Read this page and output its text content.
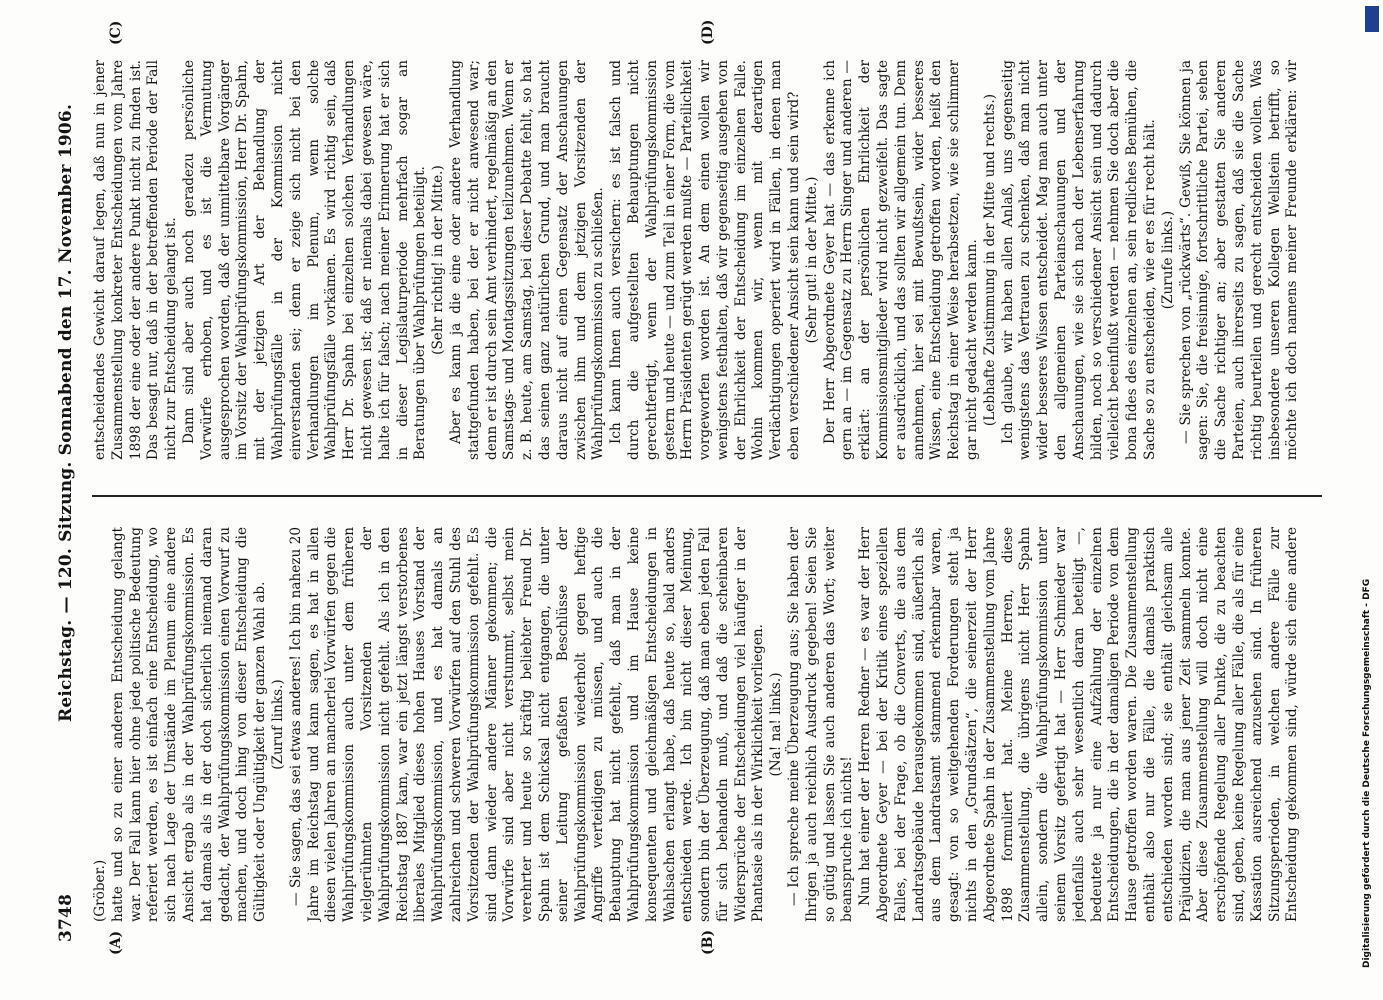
3748
Reichstag. — 120. Sitzung. Sonnabend den 17. November 1906.
(A)	(B)
(C)	(D)

(Gröber.) hatte und so zu einer anderen Entscheidung gelangt war. Der Fall kann hier ohne jede politische Bedeutung referiert werden, es ist einfach eine Entscheidung, wo sich nach Lage der Umstände im Plenum eine andere Ansicht ergab als in der Wahlprüfungskommission. Es hat damals als in der doch sicherlich niemand daran gedacht, der Wahlprüfungskommission einen Vorwurf zu machen, und doch hing von dieser Entscheidung die Gültigkeit oder Ungültigkeit der ganzen Wahl ab. (Zuruf links.) — Sie sagen, das sei etwas anderes! Ich bin nahezu 20 Jahre im Reichstag und kann sagen, es hat in allen diesen vielen Jahren an mancherlei Vorwürfen gegen die Wahlprüfungskommission auch unter dem früheren vielgerühmten Vorsitzenden der Wahlprüfungskommission nicht gefehlt. Als ich in den Reichstag 1887 kam, war ein jetzt längst verstorbenes liberales Mitglied dieses hohen Hauses Vorstand der Wahlprüfungskommission, und es hat damals an zahlreichen und schweren Vorwürfen auf den Stuhl des Vorsitzenden der Wahlprüfungskommission gefehlt. Es sind dann wieder andere Männer gekommen; die Vorwürfe sind aber nicht verstummt, selbst mein verehrter und heute so kräftig beliebter Freund Dr. Spahn ist dem Schicksal nicht entgangen, die unter seiner Leitung gefaßten Beschlüsse der Wahlprüfungskommission wiederholt gegen heftige Angriffe verteidigen zu müssen, und auch die Behauptung hat nicht gefehlt, daß man in der Wahlprüfungskommission und im Hause keine konsequenten und gleichmäßigen Entscheidungen in Wahlsachen erlangt habe, daß heute so, bald anders entschieden werde. Ich bin nicht dieser Meinung, sondern bin der Überzeugung, daß man eben jeden Fall für sich behandeln muß, und daß die scheinbaren Widersprüche der Entscheidungen viel häufiger in der Phantasie als in der Wirklichkeit vorliegen. (Na! na! links.) — Ich spreche meine Überzeugung aus; Sie haben der Ihrigen ja auch reichlich Ausdruck gegeben! Seien Sie so gütig und lassen Sie auch anderen das Wort; weiter beanspruche ich nichts! Nun hat einer der Herren Redner — es war der Herr Abgeordnete Geyer — bei der Kritik eines speziellen Falles, bei der Frage, ob die Converts, die aus dem Landratsgebäude herausgekommen sind, äußerlich als aus dem Landratsamt stammend erkennbar waren, gesagt: von so weitgehenden Forderungen steht ja nichts in den „Grundsätzen“, die seinerzeit der Herr Abgeordnete Spahn in der Zusammenstellung vom Jahre 1898 formuliert hat. Meine Herren, diese Zusammenstellung, die übrigens nicht Herr Spahn allein, sondern die Wahlprüfungskommission unter seinem Vorsitz gefertigt hat — Herr Schmieder war jedenfalls auch sehr wesentlich daran beteiligt —, bedeutete ja nur eine Aufzählung der einzelnen Entscheidungen, die in der damaligen Periode von dem Hause getroffen worden waren. Die Zusammenstellung enthält also nur die Fälle, die damals praktisch entschieden worden sind; sie enthält gleichsam alle Präjudizien, die man aus jener Zeit sammeln konnte. Aber diese Zusammenstellung will doch nicht eine erschöpfende Regelung aller Punkte, die zu beachten sind, geben, keine Regelung aller Fälle, die als für eine Kassation ausreichend anzusehen sind. In früheren Sitzungsperioden, in welchen andere Fälle zur Entscheidung gekommen sind, würde sich eine andere

entscheidendes Gewicht darauf legen, daß nun in jener Zusammenstellung konkreter Entscheidungen vom Jahre 1898 der eine oder der andere Punkt nicht zu finden ist. Das besagt nur, daß in der betreffenden Periode der Fall nicht zur Entscheidung gelangt ist. Dann sind aber auch noch geradezu persönliche Vorwürfe erhoben, und es ist die Vermutung ausgesprochen worden, daß der unmittelbare Vorgänger im Vorsitz der Wahlprüfungskommission, Herr Dr. Spahn, mit der jetzigen Art der Behandlung der Wahlprüfungsfälle in der Kommission nicht einverstanden sei; denn er zeige sich nicht bei den Verhandlungen im Plenum, wenn solche Wahlprüfungsfälle vorkämen. Es wird richtig sein, daß Herr Dr. Spahn bei einzelnen solchen Verhandlungen nicht gewesen ist; daß er niemals dabei gewesen wäre, halte ich für falsch; nach meiner Erinnerung hat er sich in dieser Legislaturperiode mehrfach sogar an Beratungen über Wahlprüfungen beteiligt. (Sehr richtig! in der Mitte.) Aber es kann ja die eine oder andere Verhandlung stattgefunden haben, bei der er nicht anwesend war; denn er ist durch sein Amt verhindert, regelmäßig an den Samstags- und Montagssitzungen teilzunehmen. Wenn er z. B. heute, am Samstag, bei dieser Debatte fehlt, so hat das seinen ganz natürlichen Grund, und man braucht daraus nicht auf einen Gegensatz der Anschauungen zwischen ihm und dem jetzigen Vorsitzenden der Wahlprüfungskommission zu schließen. Ich kann Ihnen auch versichern: es ist falsch und durch die aufgestellten Behauptungen nicht gerechtfertigt, wenn der Wahlprüfungskommission gestern und heute — und zum Teil in einer Form, die vom Herrn Präsidenten gerügt werden mußte — Parteilichkeit vorgeworfen worden ist. An dem einen wollen wir wenigstens festhalten, daß wir gegenseitig ausgehen von der Ehrlichkeit der Entscheidung im einzelnen Falle. Wohin kommen wir, wenn mit derartigen Verdächtigungen operiert wird in Fällen, in denen man eben verschiedener Ansicht sein kann und sein wird? (Sehr gut! in der Mitte.) Der Herr Abgeordnete Geyer hat — das erkenne ich gern an — im Gegensatz zu Herrn Singer und anderen — erklärt: an der persönlichen Ehrlichkeit der Kommissionsmitglieder wird nicht gezweifelt. Das sagte er ausdrücklich, und das sollten wir allgemein tun. Denn annehmen, hier sei mit Bewußtsein, wider besseres Wissen, eine Entscheidung getroffen worden, heißt den Reichstag in einer Weise herabsetzen, wie sie schlimmer gar nicht gedacht werden kann. (Lebhafte Zustimmung in der Mitte und rechts.) Ich glaube, wir haben allen Anlaß, uns gegenseitig wenigstens das Vertrauen zu schenken, daß man nicht wider besseres Wissen entscheidet. Mag man auch unter den allgemeinen Parteianschauungen und der Anschauungen, wie sie sich nach der Lebenserfahrung bilden, noch so verschiedener Ansicht sein und dadurch vielleicht beeinflußt werden — nehmen Sie doch aber die bona fides des einzelnen an, sein redliches Bemühen, die Sache so zu entscheiden, wie er es für recht hält. (Zurufe links.)

— Sie sprechen von „rückwärts“. Gewiß, Sie können ja sagen: Sie, die freisinnige, fortschrittliche Partei, sehen die Sache richtiger an; aber gestatten Sie anderen Parteien, auch ihrerseits zu sagen, daß sie die Sache richtig beurteilen und gerecht entscheiden wollen. Was insbesondere unseren Kollegen Wellstein betrifft, so möchte ich doch namens meiner Freunde erklären: wir

Digitalisierung gefördert durch die Deutsche Forschungsgemeinschaft - DFG
